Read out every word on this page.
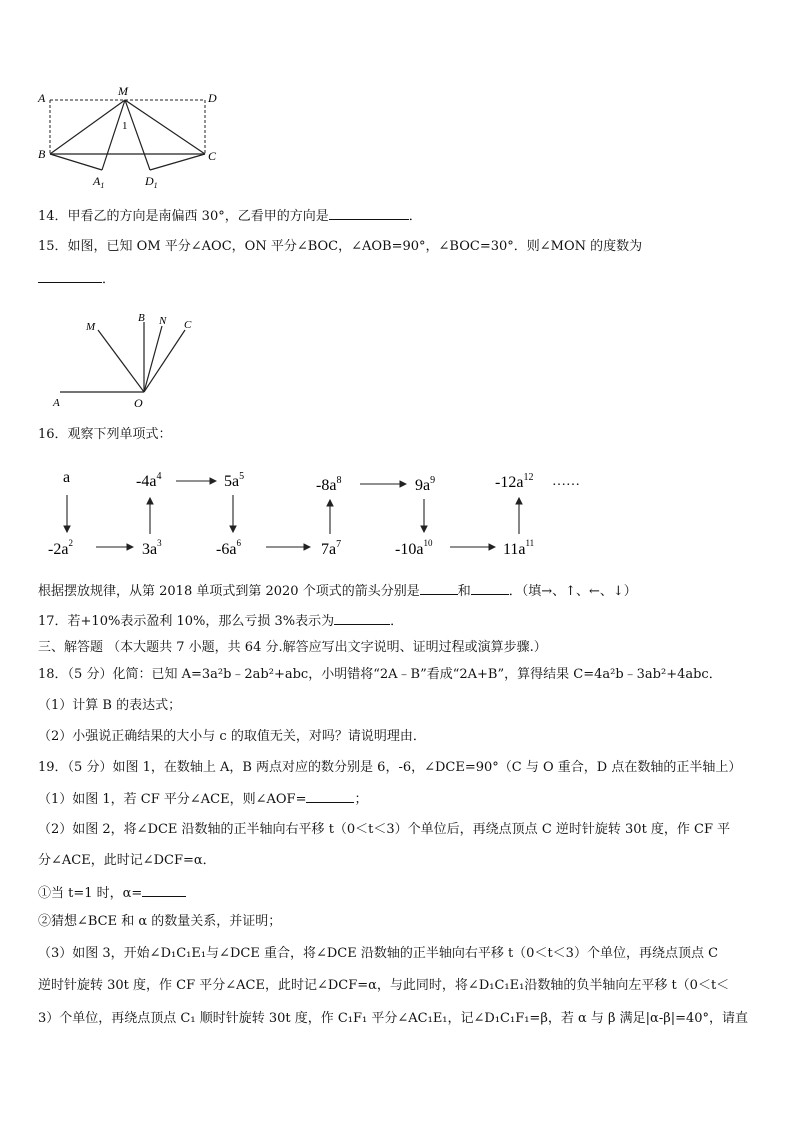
A	M	D
B	C
1
$A_1$	$D_1$
14．甲看乙的方向是南偏西 30°，乙看甲的方向是	．
15．如图，已知 OM 平分∠AOC，ON 平分∠BOC，∠AOB=90°，∠BOC=30°．则∠MON 的度数为
．
M
B N C
A	O
16．观察下列单项式：
a	$-4a^4$	$5a^5$
$-8a^8$	$9a^9$	$-12a^{12}$ ……
$-2a^2$	$3a^3$	$-6a^6$	$7a^7$	$-10a^{10}$	$11a^{11}$
根据摆放规律，从第 2018 单项式到第 2020 个项式的箭头分别是	和	．（填→、↑、←、↓）
17．若+10%表示盈利 10%，那么亏损 3%表示为	．
三、解答题 （本大题共 7 小题，共 64 分.解答应写出文字说明、证明过程或演算步骤.）
18．（5 分）化简：已知 A=3a²b﹣2ab²+abc，小明错将“2A﹣B”看成“2A+B”，算得结果 C=4a²b﹣3ab²+4abc．
（1）计算 B 的表达式；
（2）小强说正确结果的大小与 c 的取值无关，对吗？请说明理由．
19．（5 分）如图 1，在数轴上 A，B 两点对应的数分别是 6，-6，∠DCE=90°（C 与 O 重合，D 点在数轴的正半轴上）
（1）如图 1，若 CF 平分∠ACE，则∠AOF=	；
（2）如图 2，将∠DCE 沿数轴的正半轴向右平移 t（0＜t＜3）个单位后，再绕点顶点 C 逆时针旋转 30t 度，作 CF 平
分∠ACE，此时记∠DCF=α．
①当 t=1 时，α=
②猜想∠BCE 和 α 的数量关系，并证明；
（3）如图 3，开始∠D₁C₁E₁与∠DCE 重合，将∠DCE 沿数轴的正半轴向右平移 t（0＜t＜3）个单位，再绕点顶点 C
逆时针旋转 30t 度，作 CF 平分∠ACE，此时记∠DCF=α，与此同时，将∠D₁C₁E₁沿数轴的负半轴向左平移 t（0＜t＜
3）个单位，再绕点顶点 C₁ 顺时针旋转 30t 度，作 C₁F₁ 平分∠AC₁E₁，记∠D₁C₁F₁=β，若 α 与 β 满足|α-β|=40°，请直
